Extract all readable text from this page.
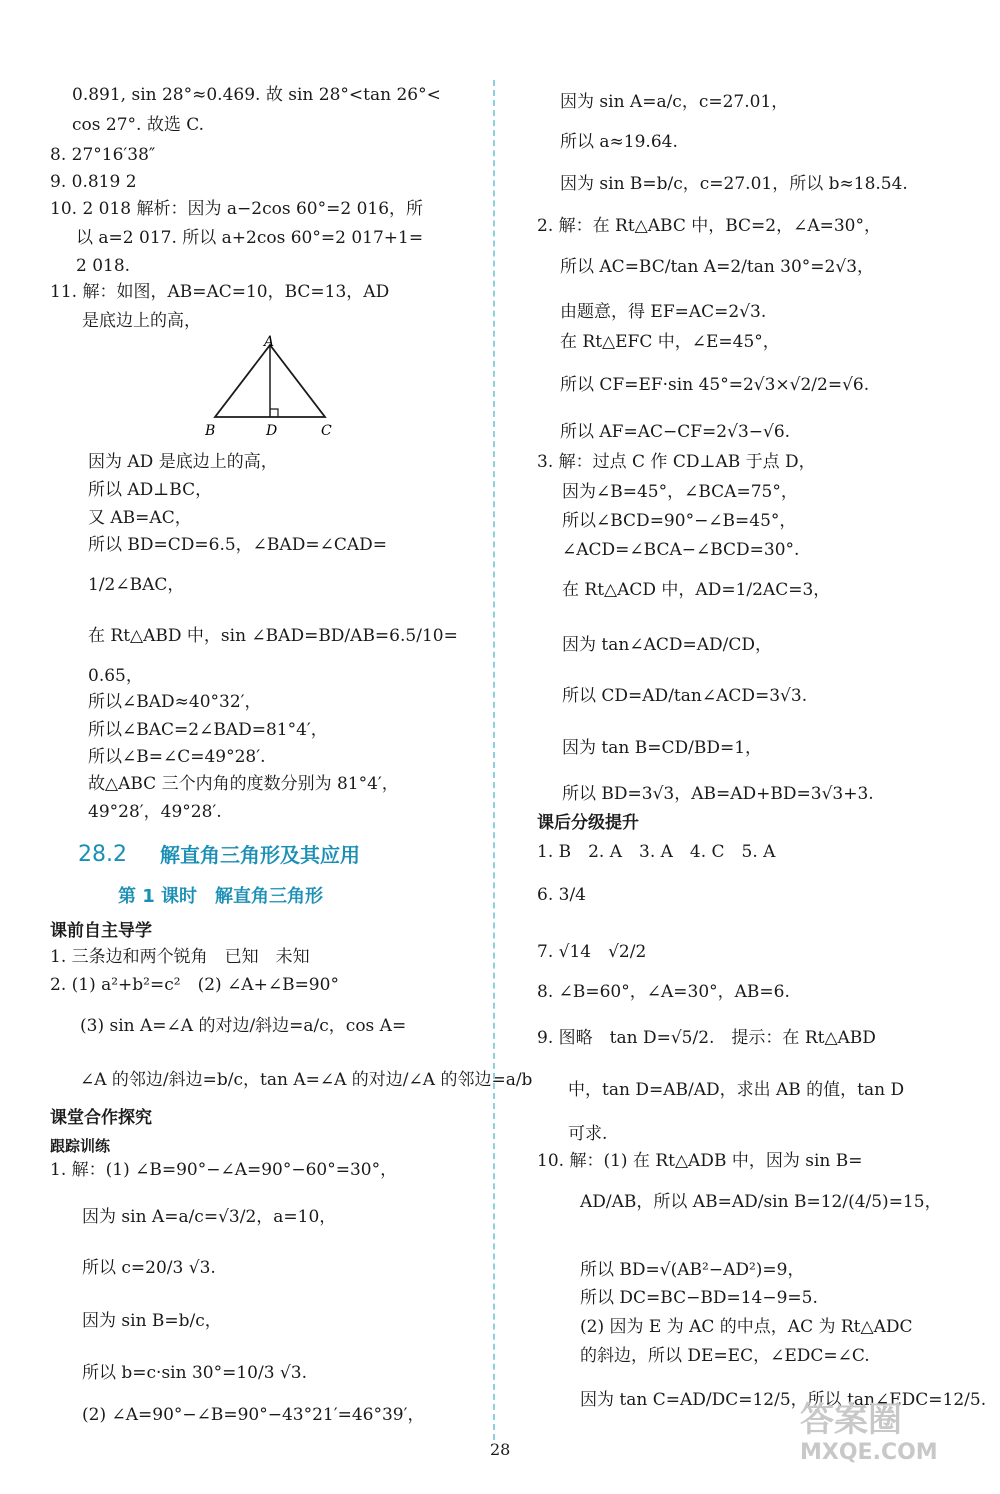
0.891, sin 28°≈0.469. 故 sin 28°<tan 26°<
cos 27°. 故选 C.
8. 27°16′38″
9. 0.819 2
10. 2 018 解析：因为 a−2cos 60°=2 016，所
以 a=2 017. 所以 a+2cos 60°=2 017+1=
2 018.
11. 解：如图，AB=AC=10，BC=13，AD
是底边上的高，
A
B	D	C
因为 AD 是底边上的高，
所以 AD⊥BC，
又 AB=AC，
所以 BD=CD=6.5，∠BAD=∠CAD=
1/2∠BAC，
在 Rt△ABD 中，sin ∠BAD=BD/AB=6.5/10=
0.65，
所以∠BAD≈40°32′，
所以∠BAC=2∠BAD=81°4′，
所以∠B=∠C=49°28′.
故△ABC 三个内角的度数分别为 81°4′，
49°28′，49°28′.
28.2 解直角三角形及其应用
第 1 课时　解直角三角形
课前自主导学
1. 三条边和两个锐角　已知　未知
2. (1) a²+b²=c²　(2) ∠A+∠B=90°
(3) sin A=∠A 的对边/斜边=a/c，cos A=
∠A 的邻边/斜边=b/c，tan A=∠A 的对边/∠A 的邻边=a/b
课堂合作探究
跟踪训练
1. 解：(1) ∠B=90°−∠A=90°−60°=30°，
因为 sin A=a/c=√3/2，a=10，
所以 c=20/3 √3.
因为 sin B=b/c，
所以 b=c·sin 30°=10/3 √3.
(2) ∠A=90°−∠B=90°−43°21′=46°39′，
因为 sin A=a/c，c=27.01，
所以 a≈19.64.
因为 sin B=b/c，c=27.01，所以 b≈18.54.
2. 解：在 Rt△ABC 中，BC=2，∠A=30°，
所以 AC=BC/tan A=2/tan 30°=2√3，
由题意，得 EF=AC=2√3.
在 Rt△EFC 中，∠E=45°，
所以 CF=EF·sin 45°=2√3×√2/2=√6.
所以 AF=AC−CF=2√3−√6.
3. 解：过点 C 作 CD⊥AB 于点 D，
因为∠B=45°，∠BCA=75°，
所以∠BCD=90°−∠B=45°，
∠ACD=∠BCA−∠BCD=30°.
在 Rt△ACD 中，AD=1/2AC=3，
因为 tan∠ACD=AD/CD，
所以 CD=AD/tan∠ACD=3√3.
因为 tan B=CD/BD=1，
所以 BD=3√3，AB=AD+BD=3√3+3.
课后分级提升
1. B　2. A　3. A　4. C　5. A
6. 3/4
7. √14　√2/2
8. ∠B=60°，∠A=30°，AB=6.
9. 图略　tan D=√5/2.　提示：在 Rt△ABD
中，tan D=AB/AD，求出 AB 的值，tan D
可求.
10. 解：(1) 在 Rt△ADB 中，因为 sin B=
AD/AB，所以 AB=AD/sin B=12/(4/5)=15，
所以 BD=√(AB²−AD²)=9，
所以 DC=BC−BD=14−9=5.
(2) 因为 E 为 AC 的中点，AC 为 Rt△ADC
的斜边，所以 DE=EC，∠EDC=∠C.
因为 tan C=AD/DC=12/5，所以 tan∠EDC=12/5.
28
答案圈
MXQE.COM
